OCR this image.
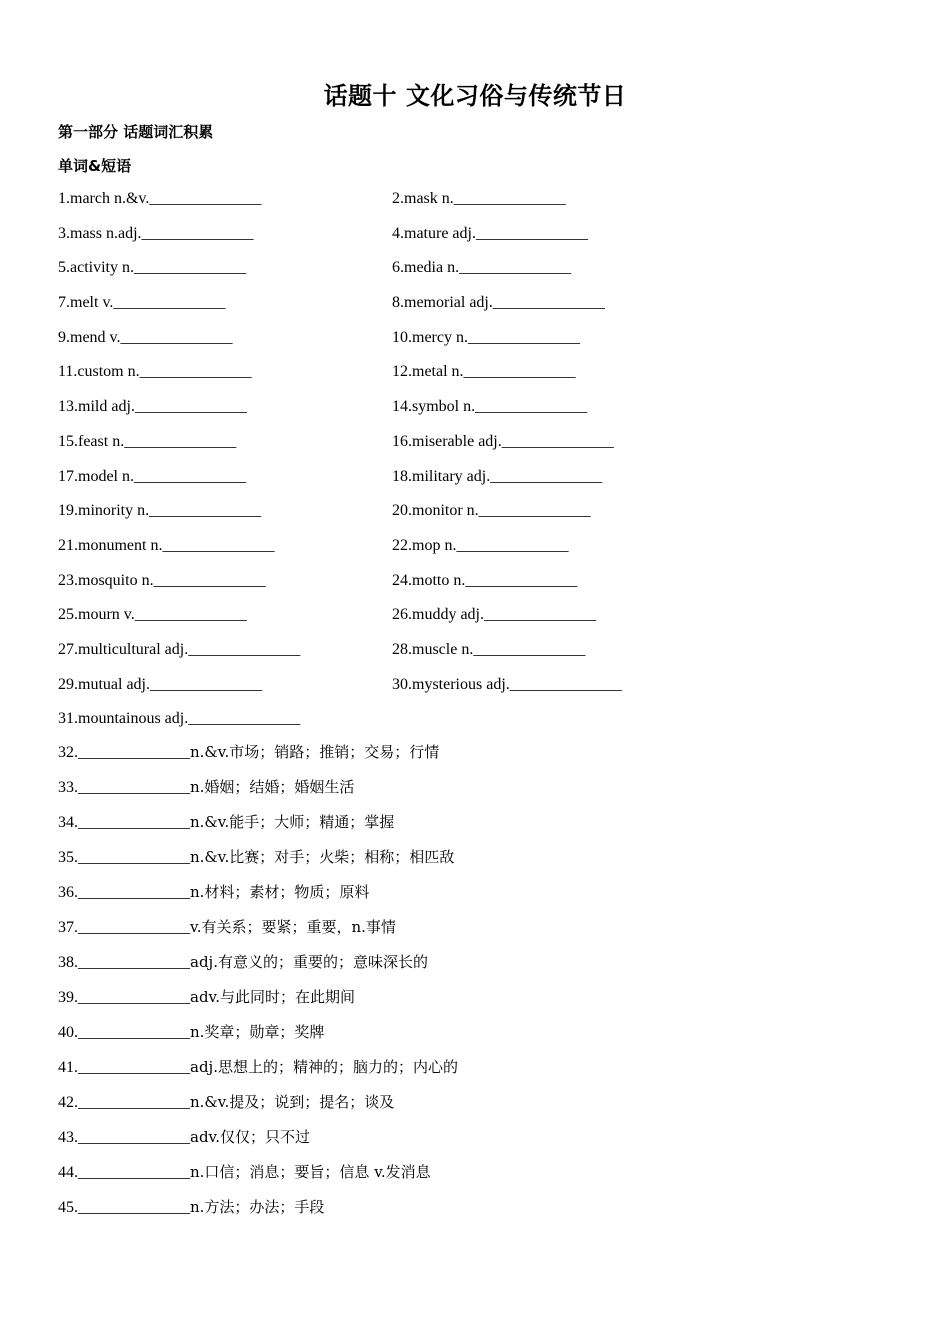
话题十 文化习俗与传统节日
第一部分 话题词汇积累
单词&短语
1.march n.&v.______________	2.mask n.______________
3.mass n.adj.______________	4.mature adj.______________
5.activity n.______________	6.media n.______________
7.melt v.______________	8.memorial adj.______________
9.mend v.______________	10.mercy n.______________
11.custom n.______________	12.metal n.______________
13.mild adj.______________	14.symbol n.______________
15.feast n.______________	16.miserable adj.______________
17.model n.______________	18.military adj.______________
19.minority n.______________	20.monitor n.______________
21.monument n.______________	22.mop n.______________
23.mosquito n.______________	24.motto n.______________
25.mourn v.______________	26.muddy adj.______________
27.multicultural adj.______________	28.muscle n.______________
29.mutual adj.______________	30.mysterious adj.______________
31.mountainous adj.______________
32.______________n.&v.市场；销路；推销；交易；行情
33.______________n.婚姻；结婚；婚姻生活
34.______________n.&v.能手；大师；精通；掌握
35.______________n.&v.比赛；对手；火柴；相称；相匹敌
36.______________n.材料；素材；物质；原料
37.______________v.有关系；要紧；重要，n.事情
38.______________adj.有意义的；重要的；意味深长的
39.______________adv.与此同时；在此期间
40.______________n.奖章；勋章；奖牌
41.______________adj.思想上的；精神的；脑力的；内心的
42.______________n.&v.提及；说到；提名；谈及
43.______________adv.仅仅；只不过
44.______________n.口信；消息；要旨；信息 v.发消息
45.______________n.方法；办法；手段
